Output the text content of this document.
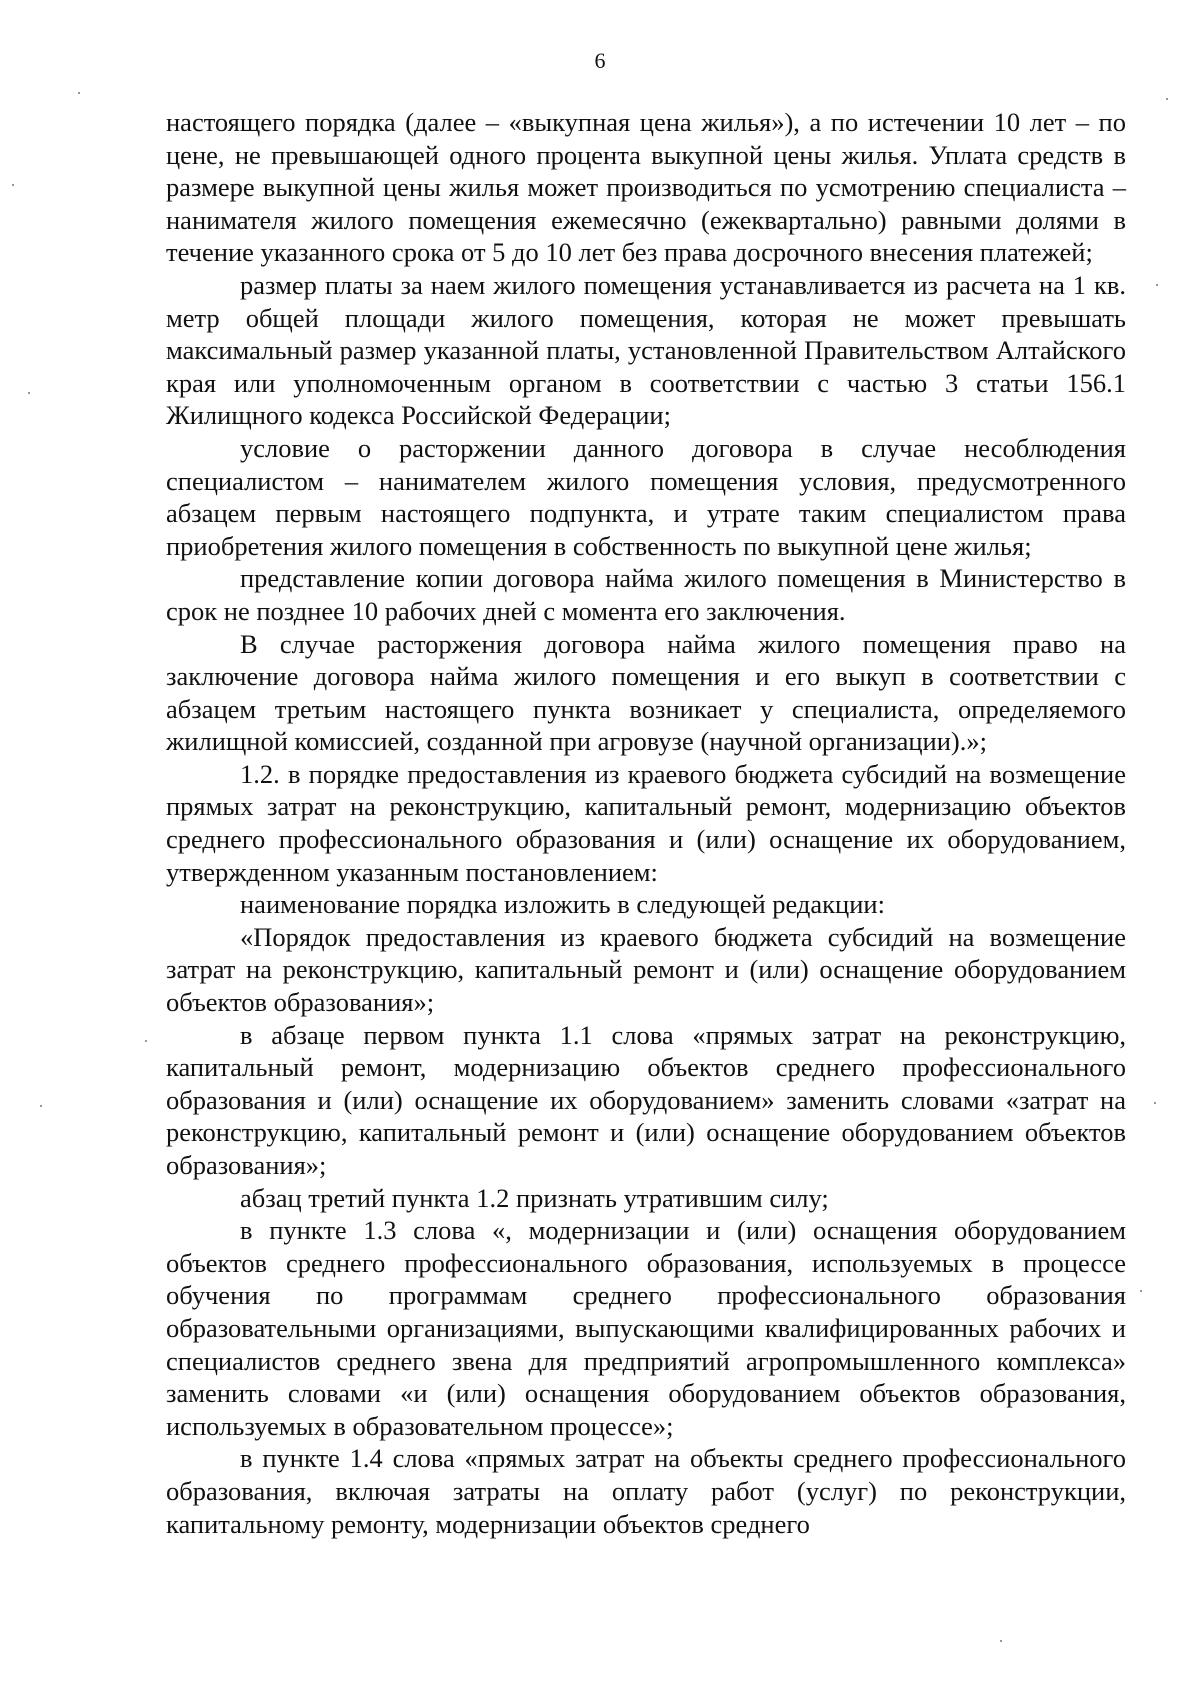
6

настоящего порядка (далее – «выкупная цена жилья»), а по истечении 10 лет – по цене, не превышающей одного процента выкупной цены жилья. Уплата средств в размере выкупной цены жилья может производиться по усмотрению специалиста – нанимателя жилого помещения ежемесячно (ежеквартально) равными долями в течение указанного срока от 5 до 10 лет без права досрочного внесения платежей;

размер платы за наем жилого помещения устанавливается из расчета на 1 кв. метр общей площади жилого помещения, которая не может превышать максимальный размер указанной платы, установленной Правительством Алтайского края или уполномоченным органом в соответствии с частью 3 статьи 156.1 Жилищного кодекса Российской Федерации;

условие о расторжении данного договора в случае несоблюдения специалистом – нанимателем жилого помещения условия, предусмотренного абзацем первым настоящего подпункта, и утрате таким специалистом права приобретения жилого помещения в собственность по выкупной цене жилья;

представление копии договора найма жилого помещения в Министерство в срок не позднее 10 рабочих дней с момента его заключения.

В случае расторжения договора найма жилого помещения право на заключение договора найма жилого помещения и его выкуп в соответствии с абзацем третьим настоящего пункта возникает у специалиста, определяемого жилищной комиссией, созданной при агровузе (научной организации).»;

1.2. в порядке предоставления из краевого бюджета субсидий на возмещение прямых затрат на реконструкцию, капитальный ремонт, модернизацию объектов среднего профессионального образования и (или) оснащение их оборудованием, утвержденном указанным постановлением:

наименование порядка изложить в следующей редакции:

«Порядок предоставления из краевого бюджета субсидий на возмещение затрат на реконструкцию, капитальный ремонт и (или) оснащение оборудованием объектов образования»;

в абзаце первом пункта 1.1 слова «прямых затрат на реконструкцию, капитальный ремонт, модернизацию объектов среднего профессионального образования и (или) оснащение их оборудованием» заменить словами «затрат на реконструкцию, капитальный ремонт и (или) оснащение оборудованием объектов образования»;

абзац третий пункта 1.2 признать утратившим силу;

в пункте 1.3 слова «, модернизации и (или) оснащения оборудованием объектов среднего профессионального образования, используемых в процессе обучения по программам среднего профессионального образования образовательными организациями, выпускающими квалифицированных рабочих и специалистов среднего звена для предприятий агропромышленного комплекса» заменить словами «и (или) оснащения оборудованием объектов образования, используемых в образовательном процессе»;

в пункте 1.4 слова «прямых затрат на объекты среднего профессионального образования, включая затраты на оплату работ (услуг) по реконструкции, капитальному ремонту, модернизации объектов среднего
